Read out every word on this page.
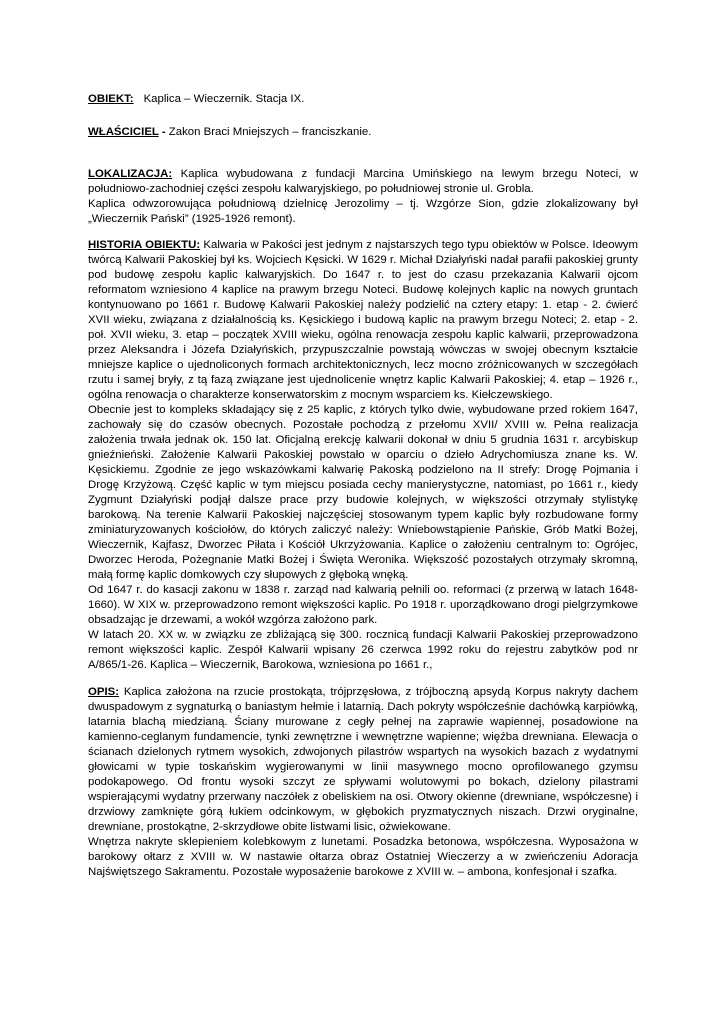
OBIEKT: Kaplica – Wieczernik. Stacja IX.
WŁAŚCICIEL - Zakon Braci Mniejszych – franciszkanie.

LOKALIZACJA: Kaplica wybudowana z fundacji Marcina Umińskiego na lewym brzegu Noteci, w południowo-zachodniej części zespołu kalwaryjskiego, po południowej stronie ul. Grobla.

Kaplica odwzorowująca południową dzielnicę Jerozolimy – tj. Wzgórze Sion, gdzie zlokalizowany był „Wieczernik Pański” (1925-1926 remont).

HISTORIA OBIEKTU: Kalwaria w Pakości jest jednym z najstarszych tego typu obiektów w Polsce. Ideowym twórcą Kalwarii Pakoskiej był ks. Wojciech Kęsicki. W 1629 r. Michał Działyński nadał parafii pakoskiej grunty pod budowę zespołu kaplic kalwaryjskich. Do 1647 r. to jest do czasu przekazania Kalwarii ojcom reformatom wzniesiono 4 kaplice na prawym brzegu Noteci. Budowę kolejnych kaplic na nowych gruntach kontynuowano po 1661 r. Budowę Kalwarii Pakoskiej należy podzielić na cztery etapy: 1. etap - 2. ćwierć XVII wieku, związana z działalnością ks. Kęsickiego i budową kaplic na prawym brzegu Noteci; 2. etap - 2. poł. XVII wieku, 3. etap – początek XVIII wieku, ogólna renowacja zespołu kaplic kalwarii, przeprowadzona przez Aleksandra i Józefa Działyńskich, przypuszczalnie powstają wówczas w swojej obecnym kształcie mniejsze kaplice o ujednoliconych formach architektonicznych, lecz mocno zróżnicowanych w szczegółach rzutu i samej bryły, z tą fazą związane jest ujednolicenie wnętrz kaplic Kalwarii Pakoskiej; 4. etap – 1926 r., ogólna renowacja o charakterze konserwatorskim z mocnym wsparciem ks. Kiełczewskiego.

Obecnie jest to kompleks składający się z 25 kaplic, z których tylko dwie, wybudowane przed rokiem 1647, zachowały się do czasów obecnych. Pozostałe pochodzą z przełomu XVII/ XVIII w. Pełna realizacja założenia trwała jednak ok. 150 lat. Oficjalną erekcję kalwarii dokonał w dniu 5 grudnia 1631 r. arcybiskup gnieźnieński. Założenie Kalwarii Pakoskiej powstało w oparciu o dzieło Adrychomiusza znane ks. W. Kęsickiemu. Zgodnie ze jego wskazówkami kalwarię Pakoską podzielono na II strefy: Drogę Pojmania i Drogę Krzyżową. Część kaplic w tym miejscu posiada cechy manierystyczne, natomiast, po 1661 r., kiedy Zygmunt Działyński podjął dalsze prace przy budowie kolejnych, w większości otrzymały stylistykę barokową. Na terenie Kalwarii Pakoskiej najczęściej stosowanym typem kaplic były rozbudowane formy zminiaturyzowanych kościołów, do których zaliczyć należy: Wniebowstąpienie Pańskie, Grób Matki Bożej, Wieczernik, Kajfasz, Dworzec Piłata i Kościół Ukrzyżowania. Kaplice o założeniu centralnym to: Ogrójec, Dworzec Heroda, Pożegnanie Matki Bożej i Święta Weronika. Większość pozostałych otrzymały skromną, małą formę kaplic domkowych czy słupowych z głęboką wnęką.

Od 1647 r. do kasacji zakonu w 1838 r. zarząd nad kalwarią pełnili oo. reformaci (z przerwą w latach 1648-1660). W XIX w. przeprowadzono remont większości kaplic. Po 1918 r. uporządkowano drogi pielgrzymkowe obsadzając je drzewami, a wokół wzgórza założono park.

W latach 20. XX w. w związku ze zbliżającą się 300. rocznicą fundacji Kalwarii Pakoskiej przeprowadzono remont większości kaplic. Zespół Kalwarii wpisany 26 czerwca 1992 roku do rejestru zabytków pod nr A/865/1-26. Kaplica – Wieczernik, Barokowa, wzniesiona po 1661 r.,

OPIS: Kaplica założona na rzucie prostokąta, trójprzęsłowa, z trójboczną apsydą Korpus nakryty dachem dwuspadowym z sygnaturką o baniastym hełmie i latarnią. Dach pokryty współcześnie dachówką karpiówką, latarnia blachą miedzianą. Ściany murowane z cegły pełnej na zaprawie wapiennej, posadowione na kamienno-ceglanym fundamencie, tynki zewnętrzne i wewnętrzne wapienne; więźba drewniana. Elewacja o ścianach dzielonych rytmem wysokich, zdwojonych pilastrów wspartych na wysokich bazach z wydatnymi głowicami w typie toskańskim wygierowanymi w linii masywnego mocno oprofilowanego gzymsu podokapowego. Od frontu wysoki szczyt ze spływami wolutowymi po bokach, dzielony pilastrami wspierającymi wydatny przerwany naczółek z obeliskiem na osi. Otwory okienne (drewniane, współczesne) i drzwiowy zamknięte górą łukiem odcinkowym, w głębokich pryzmatycznych niszach. Drzwi oryginalne, drewniane, prostokątne, 2-skrzydłowe obite listwami lisic, ożwiekowane.

Wnętrza nakryte sklepieniem kolebkowym z lunetami. Posadzka betonowa, współczesna. Wyposażona w barokowy ołtarz z XVIII w. W nastawie ołtarza obraz Ostatniej Wieczerzy a w zwieńczeniu Adoracja Najświętszego Sakramentu. Pozostałe wyposażenie barokowe z XVIII w. – ambona, konfesjonał i szafka.
